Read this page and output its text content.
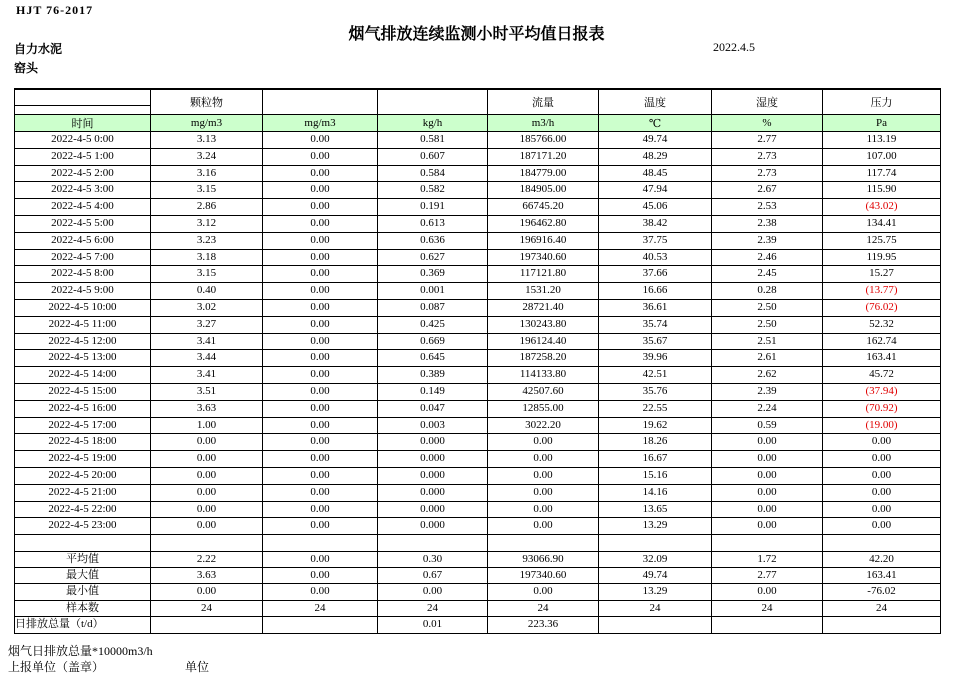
HJT 76-2017
烟气排放连续监测小时平均值日报表
2022.4.5
自力水泥
窑头
	颗粒物			流量	温度	湿度	压力

时间	mg/m3	mg/m3	kg/h	m3/h	℃	%	Pa
2022-4-5 0:00	3.13	0.00	0.581	185766.00	49.74	2.77	113.19
2022-4-5 1:00	3.24	0.00	0.607	187171.20	48.29	2.73	107.00
2022-4-5 2:00	3.16	0.00	0.584	184779.00	48.45	2.73	117.74
2022-4-5 3:00	3.15	0.00	0.582	184905.00	47.94	2.67	115.90
2022-4-5 4:00	2.86	0.00	0.191	66745.20	45.06	2.53	(43.02)
2022-4-5 5:00	3.12	0.00	0.613	196462.80	38.42	2.38	134.41
2022-4-5 6:00	3.23	0.00	0.636	196916.40	37.75	2.39	125.75
2022-4-5 7:00	3.18	0.00	0.627	197340.60	40.53	2.46	119.95
2022-4-5 8:00	3.15	0.00	0.369	117121.80	37.66	2.45	15.27
2022-4-5 9:00	0.40	0.00	0.001	1531.20	16.66	0.28	(13.77)
2022-4-5 10:00	3.02	0.00	0.087	28721.40	36.61	2.50	(76.02)
2022-4-5 11:00	3.27	0.00	0.425	130243.80	35.74	2.50	52.32
2022-4-5 12:00	3.41	0.00	0.669	196124.40	35.67	2.51	162.74
2022-4-5 13:00	3.44	0.00	0.645	187258.20	39.96	2.61	163.41
2022-4-5 14:00	3.41	0.00	0.389	114133.80	42.51	2.62	45.72
2022-4-5 15:00	3.51	0.00	0.149	42507.60	35.76	2.39	(37.94)
2022-4-5 16:00	3.63	0.00	0.047	12855.00	22.55	2.24	(70.92)
2022-4-5 17:00	1.00	0.00	0.003	3022.20	19.62	0.59	(19.00)
2022-4-5 18:00	0.00	0.00	0.000	0.00	18.26	0.00	0.00
2022-4-5 19:00	0.00	0.00	0.000	0.00	16.67	0.00	0.00
2022-4-5 20:00	0.00	0.00	0.000	0.00	15.16	0.00	0.00
2022-4-5 21:00	0.00	0.00	0.000	0.00	14.16	0.00	0.00
2022-4-5 22:00	0.00	0.00	0.000	0.00	13.65	0.00	0.00
2022-4-5 23:00	0.00	0.00	0.000	0.00	13.29	0.00	0.00

平均值	2.22	0.00	0.30	93066.90	32.09	1.72	42.20
最大值	3.63	0.00	0.67	197340.60	49.74	2.77	163.41
最小值	0.00	0.00	0.00	0.00	13.29	0.00	-76.02
样本数	24	24	24	24	24	24	24
日排放总量（t/d）			0.01	223.36			
烟气日排放总量*10000m3/h
上报单位（盖章）	单位
